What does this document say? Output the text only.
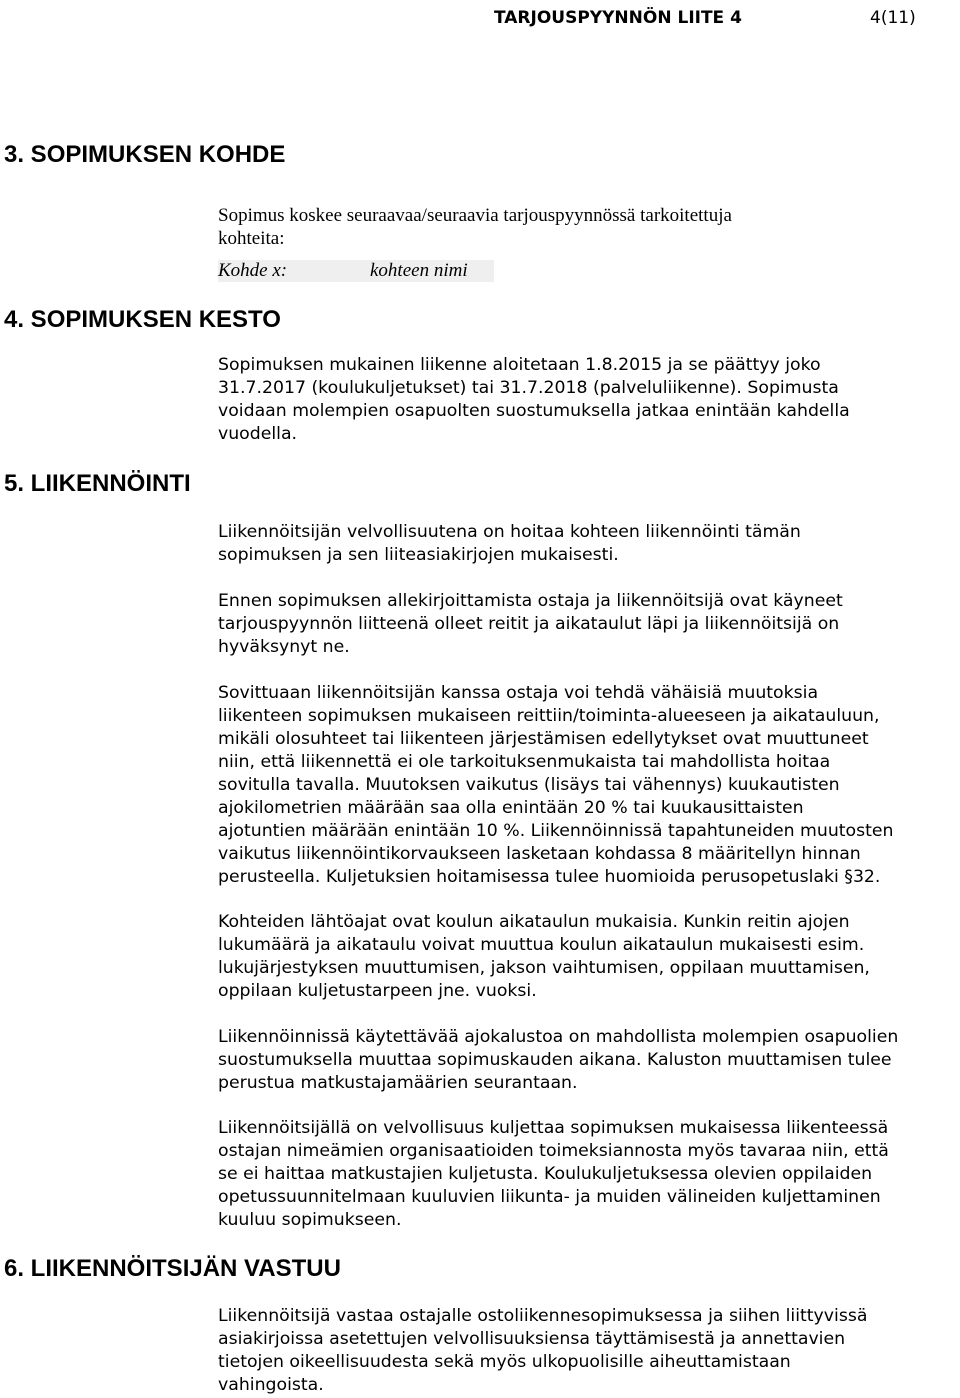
TARJOUSPYYNNÖN LIITE 4	4(11)
3. SOPIMUKSEN KOHDE
Sopimus koskee seuraavaa/seuraavia tarjouspyynnössä tarkoitettuja
kohteita:
Kohde x:	kohteen nimi
4. SOPIMUKSEN KESTO
Sopimuksen mukainen liikenne aloitetaan 1.8.2015 ja se päättyy joko
31.7.2017 (koulukuljetukset) tai 31.7.2018 (palveluliikenne). Sopimusta
voidaan molempien osapuolten suostumuksella jatkaa enintään kahdella
vuodella.
5. LIIKENNÖINTI
Liikennöitsijän velvollisuutena on hoitaa kohteen liikennöinti tämän
sopimuksen ja sen liiteasiakirjojen mukaisesti.
Ennen sopimuksen allekirjoittamista ostaja ja liikennöitsijä ovat käyneet
tarjouspyynnön liitteenä olleet reitit ja aikataulut läpi ja liikennöitsijä on
hyväksynyt ne.
Sovittuaan liikennöitsijän kanssa ostaja voi tehdä vähäisiä muutoksia
liikenteen sopimuksen mukaiseen reittiin/toiminta-alueeseen ja aikatauluun,
mikäli olosuhteet tai liikenteen järjestämisen edellytykset ovat muuttuneet
niin, että liikennettä ei ole tarkoituksenmukaista tai mahdollista hoitaa
sovitulla tavalla. Muutoksen vaikutus (lisäys tai vähennys) kuukautisten
ajokilometrien määrään saa olla enintään 20 % tai kuukausittaisten
ajotuntien määrään enintään 10 %. Liikennöinnissä tapahtuneiden muutosten
vaikutus liikennöintikorvaukseen lasketaan kohdassa 8 määritellyn hinnan
perusteella. Kuljetuksien hoitamisessa tulee huomioida perusopetuslaki §32.
Kohteiden lähtöajat ovat koulun aikataulun mukaisia. Kunkin reitin ajojen
lukumäärä ja aikataulu voivat muuttua koulun aikataulun mukaisesti esim.
lukujärjestyksen muuttumisen, jakson vaihtumisen, oppilaan muuttamisen,
oppilaan kuljetustarpeen jne. vuoksi.
Liikennöinnissä käytettävää ajokalustoa on mahdollista molempien osapuolien
suostumuksella muuttaa sopimuskauden aikana. Kaluston muuttamisen tulee
perustua matkustajamäärien seurantaan.
Liikennöitsijällä on velvollisuus kuljettaa sopimuksen mukaisessa liikenteessä
ostajan nimeämien organisaatioiden toimeksiannosta myös tavaraa niin, että
se ei haittaa matkustajien kuljetusta. Koulukuljetuksessa olevien oppilaiden
opetussuunnitelmaan kuuluvien liikunta- ja muiden välineiden kuljettaminen
kuuluu sopimukseen.
6. LIIKENNÖITSIJÄN VASTUU
Liikennöitsijä vastaa ostajalle ostoliikennesopimuksessa ja siihen liittyvissä
asiakirjoissa asetettujen velvollisuuksiensa täyttämisestä ja annettavien
tietojen oikeellisuudesta sekä myös ulkopuolisille aiheuttamistaan
vahingoista.
